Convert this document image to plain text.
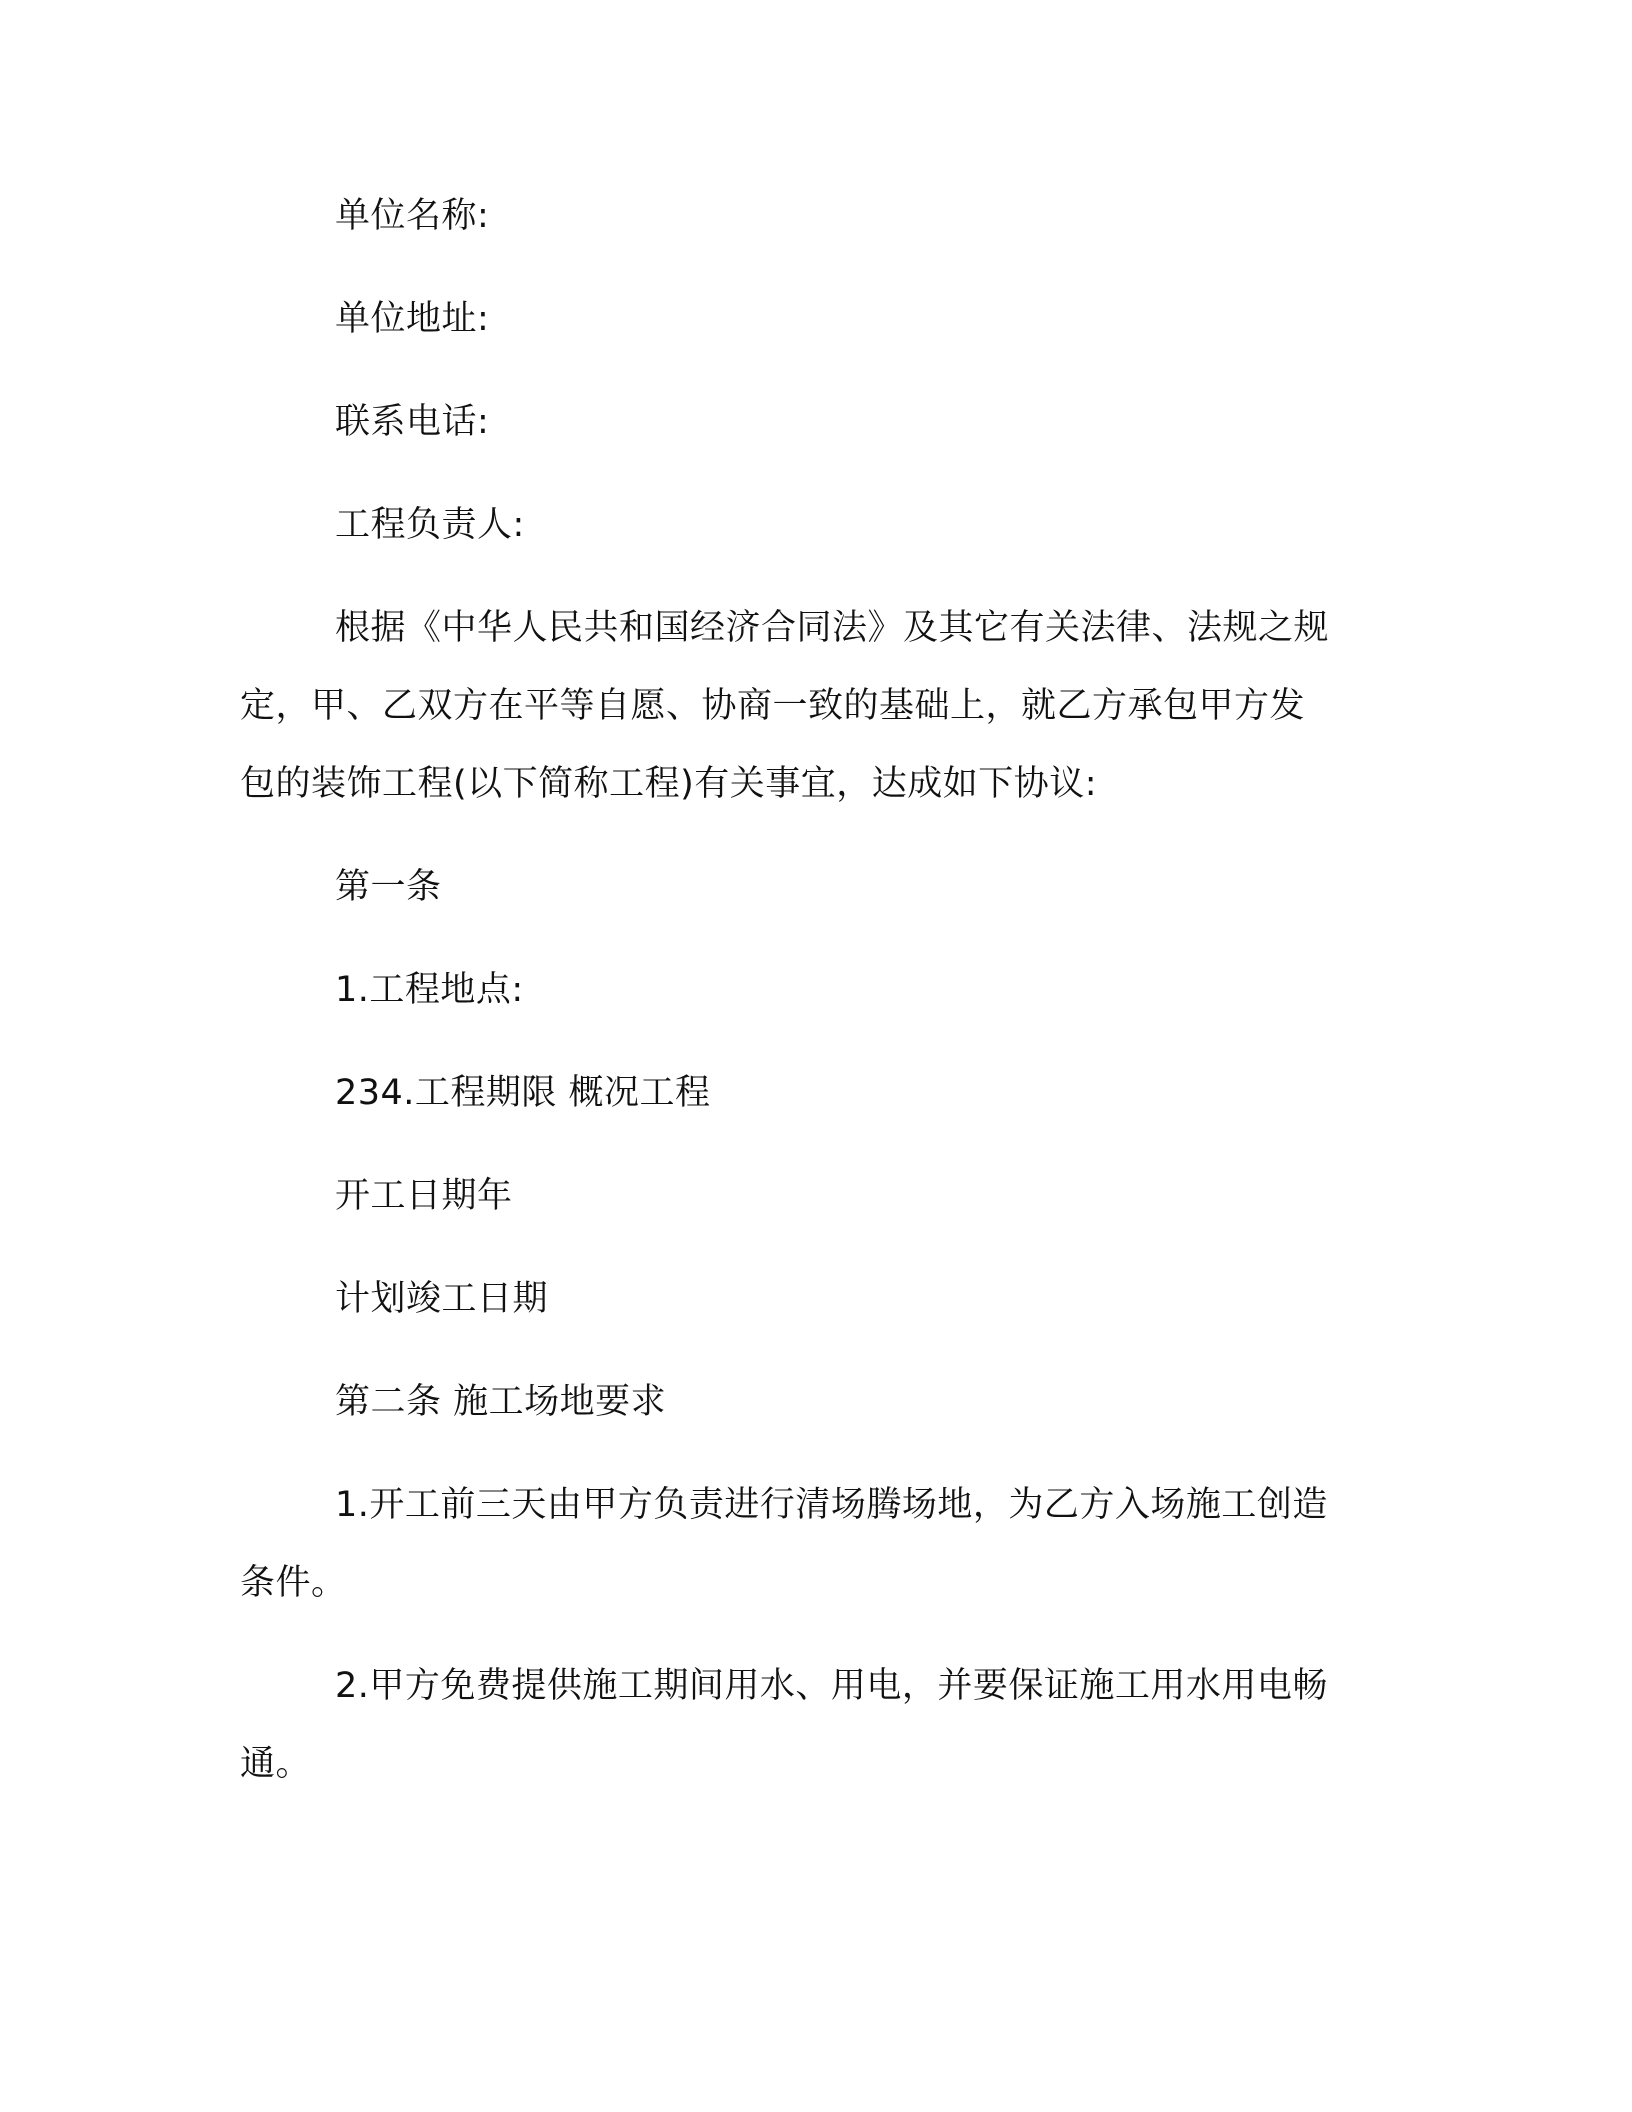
单位名称:
单位地址:
联系电话:
工程负责人:
根据《中华人民共和国经济合同法》及其它有关法律、法规之规
定，甲、乙双方在平等自愿、协商一致的基础上，就乙方承包甲方发
包的装饰工程(以下简称工程)有关事宜，达成如下协议:
第一条
1.工程地点:
234.工程期限 概况工程
开工日期年
计划竣工日期
第二条 施工场地要求
1.开工前三天由甲方负责进行清场腾场地，为乙方入场施工创造
条件。
2.甲方免费提供施工期间用水、用电，并要保证施工用水用电畅
通。
